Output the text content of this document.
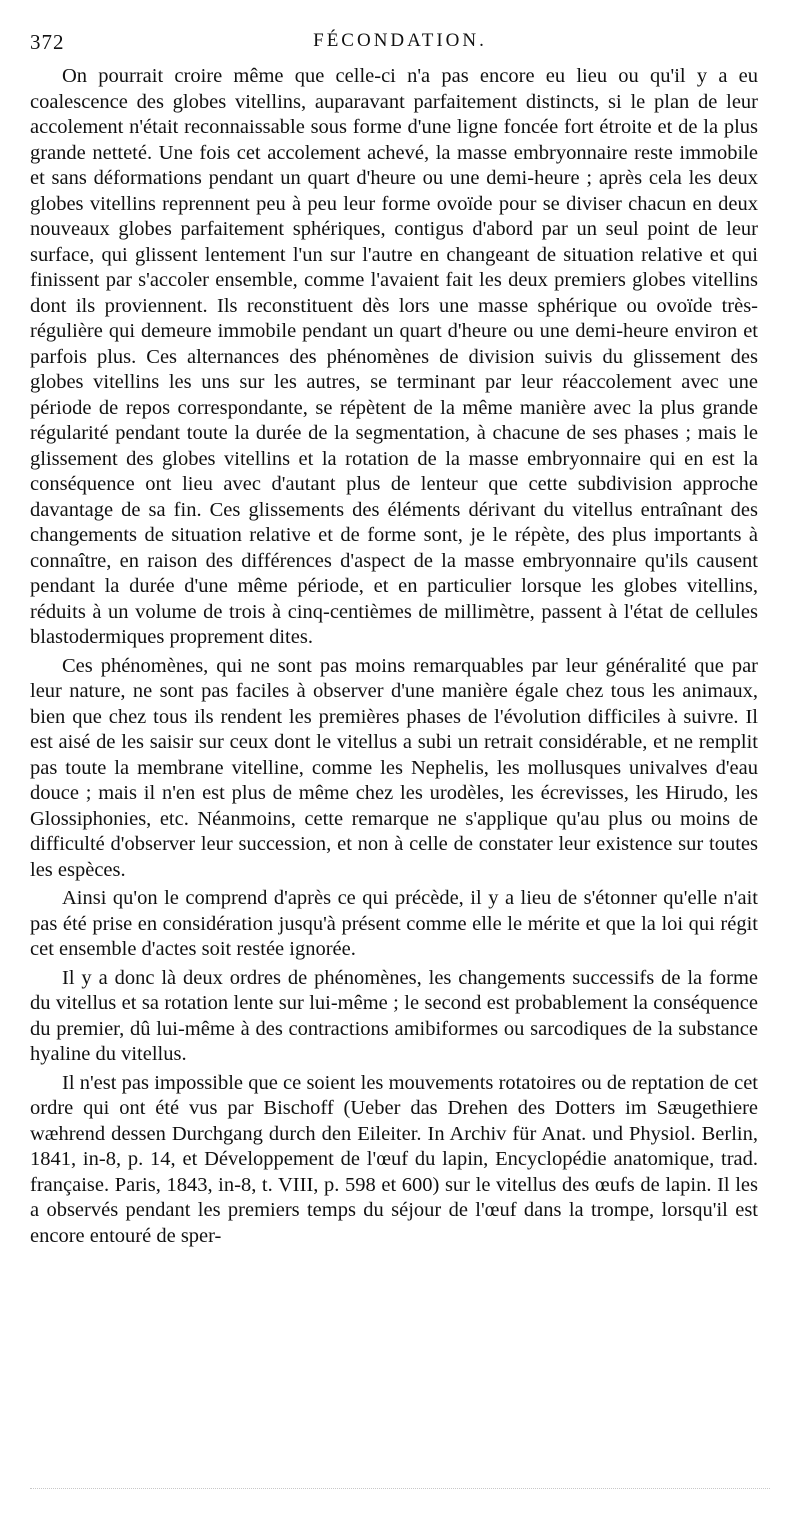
372	FÉCONDATION.

On pourrait croire même que celle-ci n'a pas encore eu lieu ou qu'il y a eu coalescence des globes vitellins, auparavant parfaitement distincts, si le plan de leur accolement n'était reconnaissable sous forme d'une ligne foncée fort étroite et de la plus grande netteté. Une fois cet accolement achevé, la masse embryonnaire reste immobile et sans déformations pendant un quart d'heure ou une demi-heure ; après cela les deux globes vitellins reprennent peu à peu leur forme ovoïde pour se diviser chacun en deux nouveaux globes parfaitement sphériques, contigus d'abord par un seul point de leur surface, qui glissent lentement l'un sur l'autre en changeant de situation relative et qui finissent par s'accoler ensemble, comme l'avaient fait les deux premiers globes vitellins dont ils proviennent. Ils reconstituent dès lors une masse sphérique ou ovoïde très-régulière qui demeure immobile pendant un quart d'heure ou une demi-heure environ et parfois plus. Ces alternances des phénomènes de division suivis du glissement des globes vitellins les uns sur les autres, se terminant par leur réaccolement avec une période de repos correspondante, se répètent de la même manière avec la plus grande régularité pendant toute la durée de la segmentation, à chacune de ses phases ; mais le glissement des globes vitellins et la rotation de la masse embryonnaire qui en est la conséquence ont lieu avec d'autant plus de lenteur que cette subdivision approche davantage de sa fin. Ces glissements des éléments dérivant du vitellus entraînant des changements de situation relative et de forme sont, je le répète, des plus importants à connaître, en raison des différences d'aspect de la masse embryonnaire qu'ils causent pendant la durée d'une même période, et en particulier lorsque les globes vitellins, réduits à un volume de trois à cinq-centièmes de millimètre, passent à l'état de cellules blastodermiques proprement dites.

Ces phénomènes, qui ne sont pas moins remarquables par leur généralité que par leur nature, ne sont pas faciles à observer d'une manière égale chez tous les animaux, bien que chez tous ils rendent les premières phases de l'évolution difficiles à suivre. Il est aisé de les saisir sur ceux dont le vitellus a subi un retrait considérable, et ne remplit pas toute la membrane vitelline, comme les Nephelis, les mollusques univalves d'eau douce ; mais il n'en est plus de même chez les urodèles, les écrevisses, les Hirudo, les Glossiphonies, etc. Néanmoins, cette remarque ne s'applique qu'au plus ou moins de difficulté d'observer leur succession, et non à celle de constater leur existence sur toutes les espèces.

Ainsi qu'on le comprend d'après ce qui précède, il y a lieu de s'étonner qu'elle n'ait pas été prise en considération jusqu'à présent comme elle le mérite et que la loi qui régit cet ensemble d'actes soit restée ignorée.

Il y a donc là deux ordres de phénomènes, les changements successifs de la forme du vitellus et sa rotation lente sur lui-même ; le second est probablement la conséquence du premier, dû lui-même à des contractions amibiformes ou sarcodiques de la substance hyaline du vitellus.

Il n'est pas impossible que ce soient les mouvements rotatoires ou de reptation de cet ordre qui ont été vus par Bischoff (Ueber das Drehen des Dotters im Sæugethiere wæhrend dessen Durchgang durch den Eileiter. In Archiv für Anat. und Physiol. Berlin, 1841, in-8, p. 14, et Développement de l'œuf du lapin, Encyclopédie anatomique, trad. française. Paris, 1843, in-8, t. VIII, p. 598 et 600) sur le vitellus des œufs de lapin. Il les a observés pendant les premiers temps du séjour de l'œuf dans la trompe, lorsqu'il est encore entouré de sper-
